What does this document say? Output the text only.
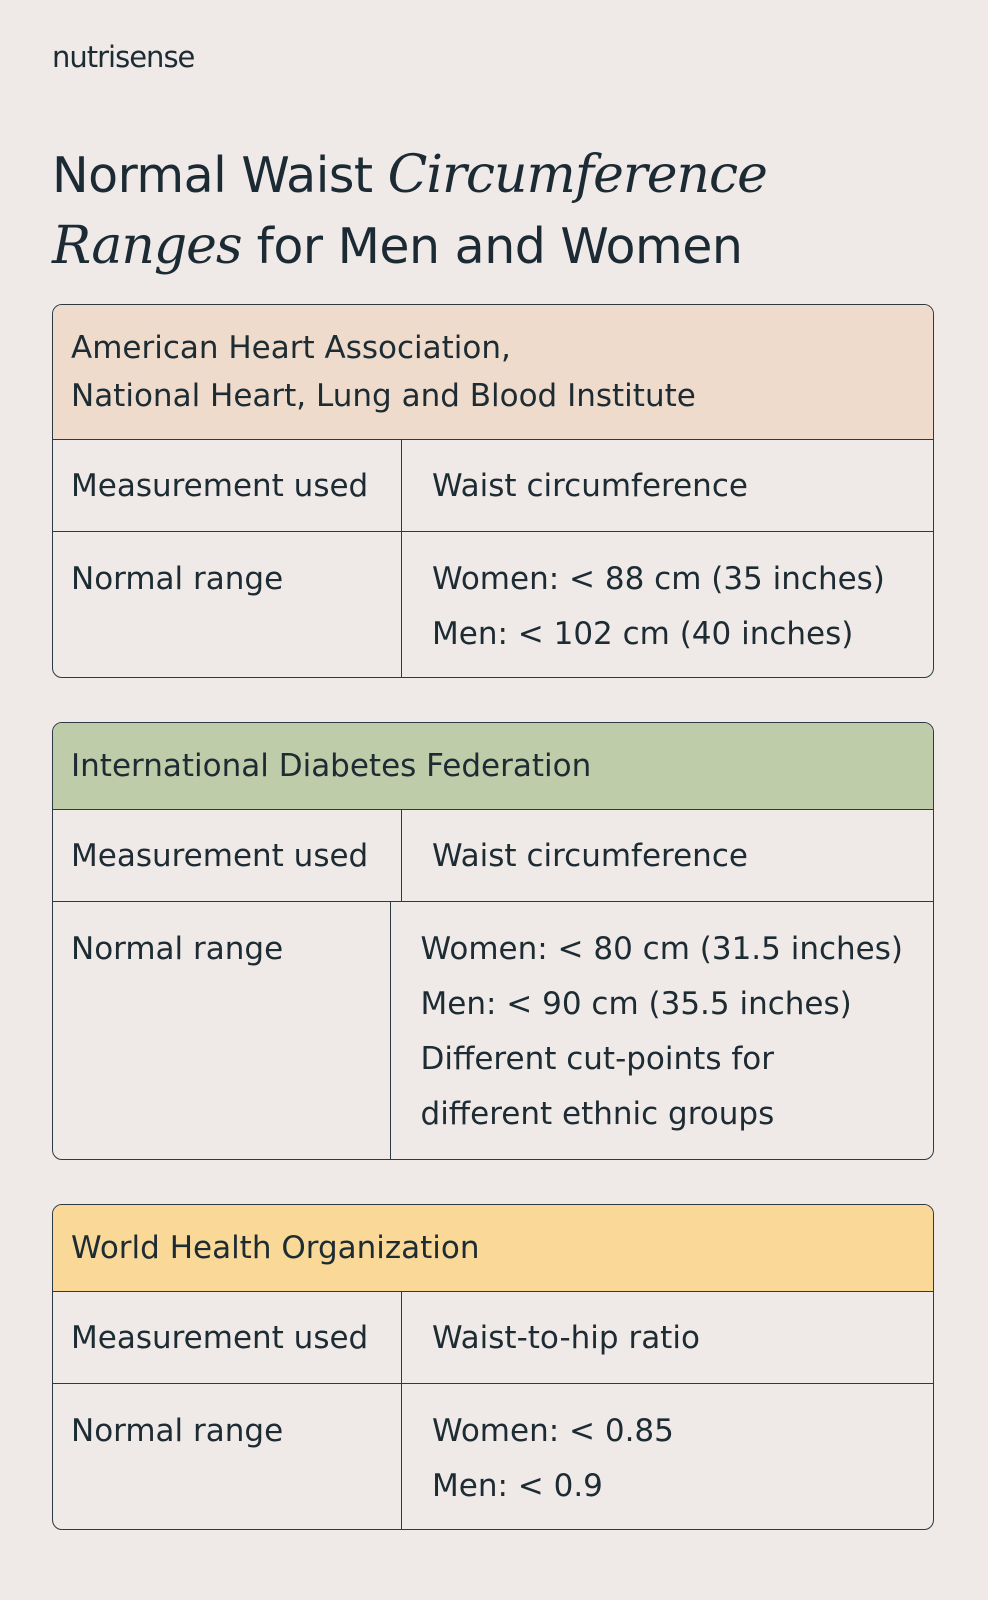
nutrisense
Normal Waist Circumference
Ranges for Men and Women
American Heart Association,
National Heart, Lung and Blood Institute
Measurement used	Waist circumference
Normal range	Women: < 88 cm (35 inches)
Men: < 102 cm (40 inches)
International Diabetes Federation
Measurement used	Waist circumference
Normal range	Women: < 80 cm (31.5 inches)
Men: < 90 cm (35.5 inches)
Different cut-points for
different ethnic groups
World Health Organization
Measurement used	Waist-to-hip ratio
Normal range	Women: < 0.85
Men: < 0.9
